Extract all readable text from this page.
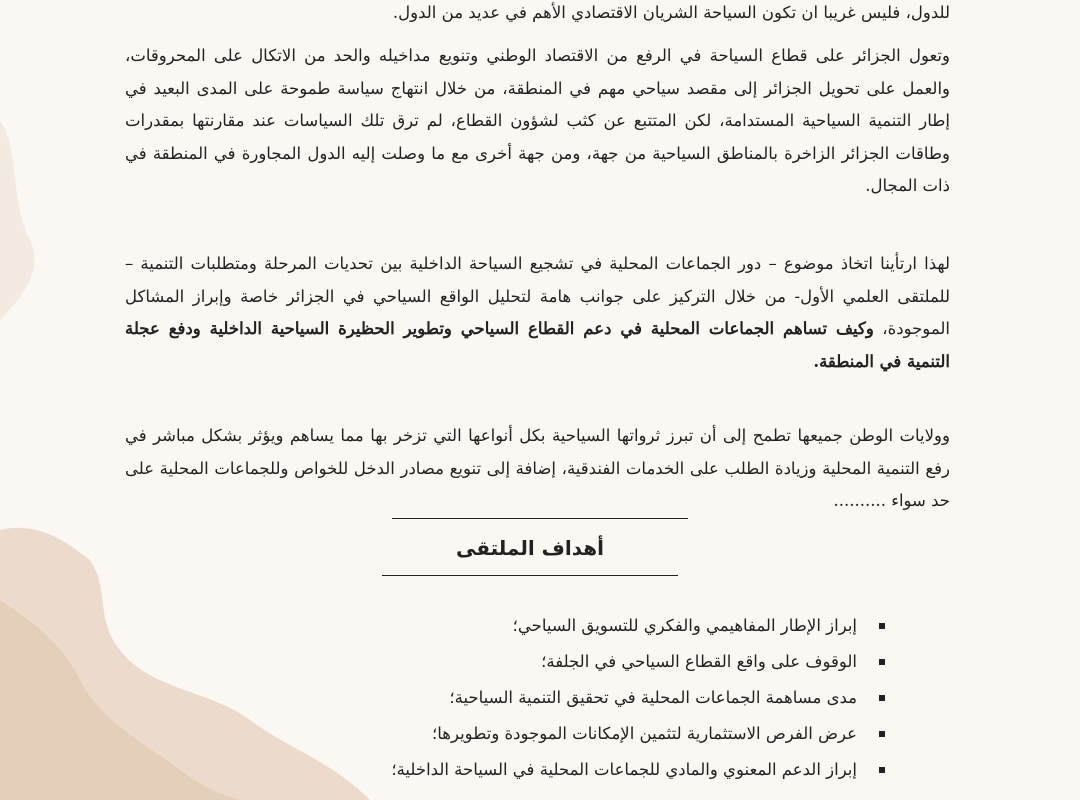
للدول، فليس غريبا ان تكون السياحة الشريان الاقتصادي الأهم في عديد من الدول.

وتعول الجزائر على قطاع السياحة في الرفع من الاقتصاد الوطني وتنويع مداخيله والحد من الاتكال على المحروقات، والعمل على تحويل الجزائر إلى مقصد سياحي مهم في المنطقة، من خلال انتهاج سياسة طموحة على المدى البعيد في إطار التنمية السياحية المستدامة، لكن المتتبع عن كثب لشؤون القطاع، لم ترق تلك السياسات عند مقارنتها بمقدرات وطاقات الجزائر الزاخرة بالمناطق السياحية من جهة، ومن جهة أخرى مع ما وصلت إليه الدول المجاورة في المنطقة في ذات المجال.

لهذا ارتأينا اتخاذ موضوع – دور الجماعات المحلية في تشجيع السياحة الداخلية بين تحديات المرحلة ومتطلبات التنمية –للملتقى العلمي الأول- من خلال التركيز على جوانب هامة لتحليل الواقع السياحي في الجزائر خاصة وإبراز المشاكل الموجودة، وكيف تساهم الجماعات المحلية في دعم القطاع السياحي وتطوير الحظيرة السياحية الداخلية ودفع عجلة التنمية في المنطقة.

وولايات الوطن جميعها تطمح إلى أن تبرز ثرواتها السياحية بكل أنواعها التي تزخر بها مما يساهم ويؤثر بشكل مباشر في رفع التنمية المحلية وزيادة الطلب على الخدمات الفندقية، إضافة إلى تنويع مصادر الدخل للخواص وللجماعات المحلية على حد سواء ..........

أهداف الملتقى
إبراز الإطار المفاهيمي والفكري للتسويق السياحي؛
الوقوف على واقع القطاع السياحي في الجلفة؛
مدى مساهمة الجماعات المحلية في تحقيق التنمية السياحية؛
عرض الفرص الاستثمارية لتثمين الإمكانات الموجودة وتطويرها؛
إبراز الدعم المعنوي والمادي للجماعات المحلية في السياحة الداخلية؛
